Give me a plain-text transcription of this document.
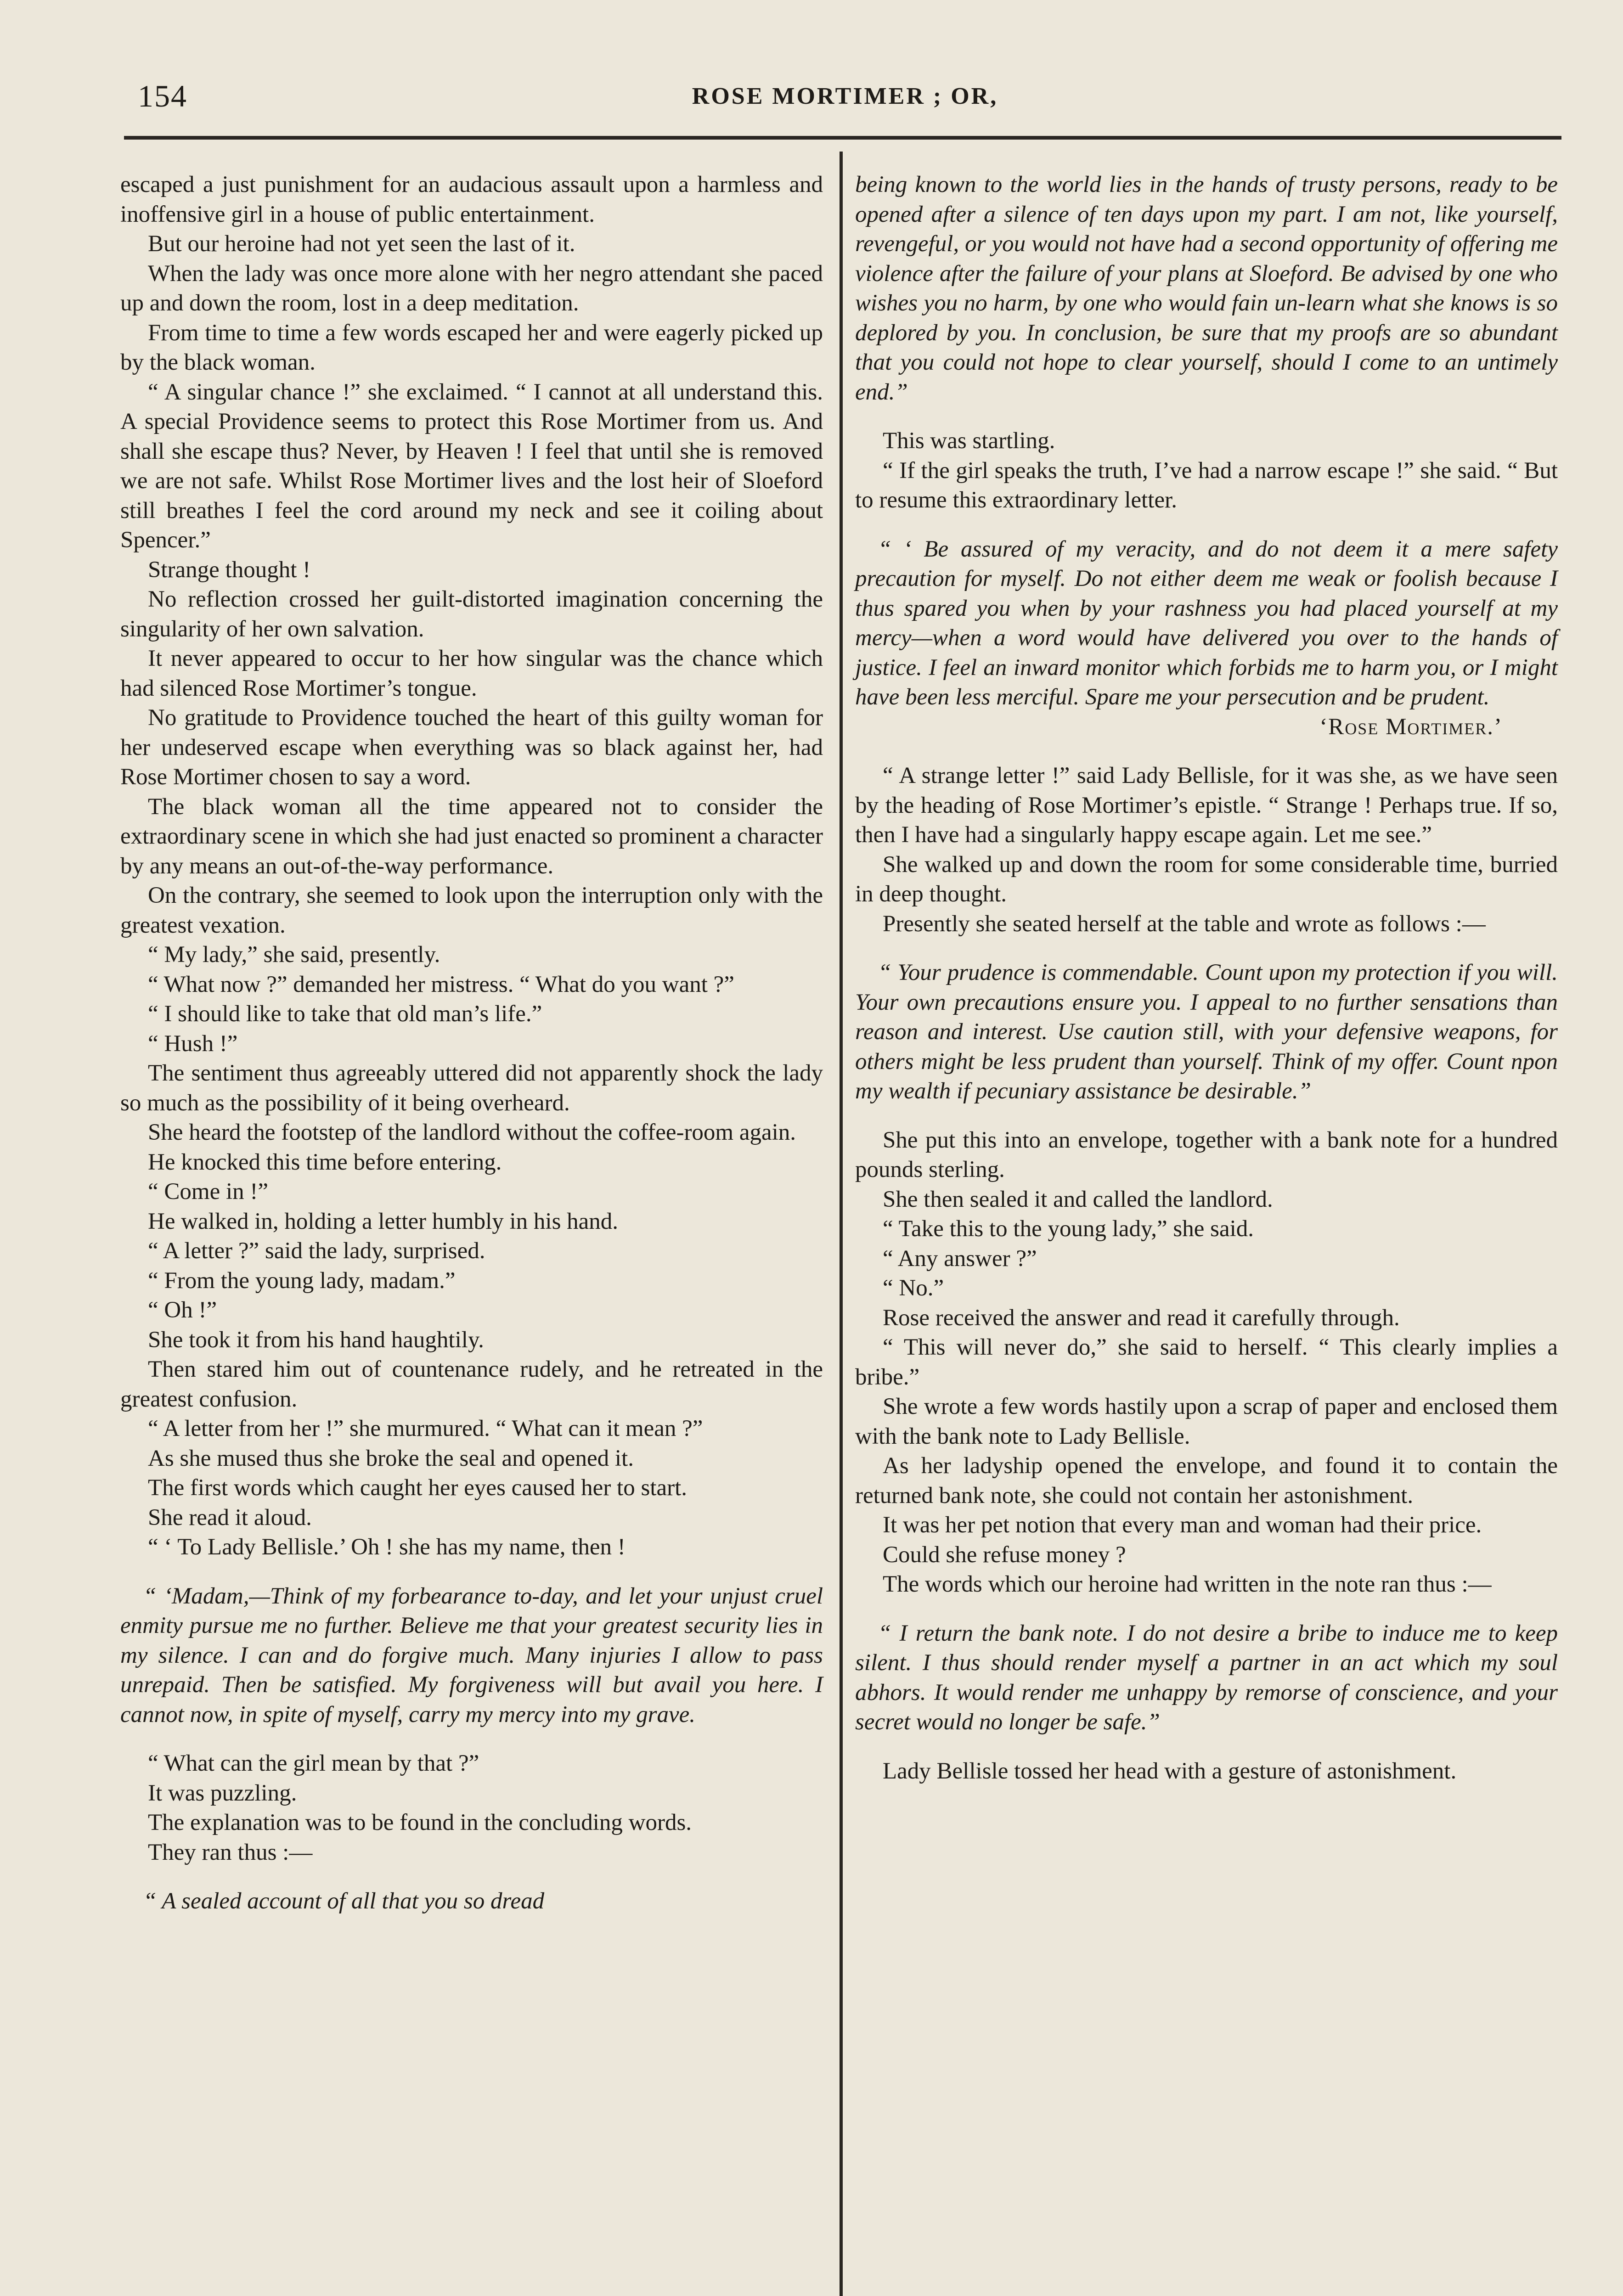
154	ROSE MORTIMER ; OR,

escaped a just punishment for an audacious assault upon a harmless and inoffensive girl in a house of public entertainment.

But our heroine had not yet seen the last of it.

When the lady was once more alone with her negro attendant she paced up and down the room, lost in a deep meditation.

From time to time a few words escaped her and were eagerly picked up by the black woman.

“ A singular chance !” she exclaimed. “ I cannot at all understand this. A special Providence seems to protect this Rose Mortimer from us. And shall she escape thus? Never, by Heaven ! I feel that until she is removed we are not safe. Whilst Rose Mortimer lives and the lost heir of Sloeford still breathes I feel the cord around my neck and see it coiling about Spencer.”

Strange thought !

No reflection crossed her guilt-distorted imagination concerning the singularity of her own salvation.

It never appeared to occur to her how singular was the chance which had silenced Rose Mortimer’s tongue.

No gratitude to Providence touched the heart of this guilty woman for her undeserved escape when everything was so black against her, had Rose Mortimer chosen to say a word.

The black woman all the time appeared not to consider the extraordinary scene in which she had just enacted so prominent a character by any means an out-of-the-way performance.

On the contrary, she seemed to look upon the interruption only with the greatest vexation.

“ My lady,” she said, presently.

“ What now ?” demanded her mistress. “ What do you want ?”

“ I should like to take that old man’s life.”

“ Hush !”

The sentiment thus agreeably uttered did not apparently shock the lady so much as the possibility of it being overheard.

She heard the footstep of the landlord without the coffee-room again.

He knocked this time before entering.

“ Come in !”

He walked in, holding a letter humbly in his hand.

“ A letter ?” said the lady, surprised.

“ From the young lady, madam.”

“ Oh !”

She took it from his hand haughtily.

Then stared him out of countenance rudely, and he retreated in the greatest confusion.

“ A letter from her !” she murmured. “ What can it mean ?”

As she mused thus she broke the seal and opened it.

The first words which caught her eyes caused her to start.

She read it aloud.

“ ‘ To Lady Bellisle.’ Oh ! she has my name, then !

“ ‘Madam,—Think of my forbearance to-day, and let your unjust cruel enmity pursue me no further. Believe me that your greatest security lies in my silence. I can and do forgive much. Many injuries I allow to pass unrepaid. Then be satisfied. My forgiveness will but avail you here. I cannot now, in spite of myself, carry my mercy into my grave.

“ What can the girl mean by that ?”

It was puzzling.

The explanation was to be found in the concluding words.

They ran thus :—

“ A sealed account of all that you so dread

being known to the world lies in the hands of trusty persons, ready to be opened after a silence of ten days upon my part. I am not, like yourself, revengeful, or you would not have had a second opportunity of offering me violence after the failure of your plans at Sloeford. Be advised by one who wishes you no harm, by one who would fain un-learn what she knows is so deplored by you. In conclusion, be sure that my proofs are so abundant that you could not hope to clear yourself, should I come to an untimely end.”

This was startling.

“ If the girl speaks the truth, I’ve had a narrow escape !” she said. “ But to resume this extraordinary letter.

“ ‘ Be assured of my veracity, and do not deem it a mere safety precaution for myself. Do not either deem me weak or foolish because I thus spared you when by your rashness you had placed yourself at my mercy—when a word would have delivered you over to the hands of justice. I feel an inward monitor which forbids me to harm you, or I might have been less merciful. Spare me your persecution and be prudent.

‘Rose Mortimer.’

“ A strange letter !” said Lady Bellisle, for it was she, as we have seen by the heading of Rose Mortimer’s epistle. “ Strange ! Perhaps true. If so, then I have had a singularly happy escape again. Let me see.”

She walked up and down the room for some considerable time, burried in deep thought.

Presently she seated herself at the table and wrote as follows :—

“ Your prudence is commendable. Count upon my protection if you will. Your own precautions ensure you. I appeal to no further sensations than reason and interest. Use caution still, with your defensive weapons, for others might be less prudent than yourself. Think of my offer. Count npon my wealth if pecuniary assistance be desirable.”

She put this into an envelope, together with a bank note for a hundred pounds sterling.

She then sealed it and called the landlord.

“ Take this to the young lady,” she said.

“ Any answer ?”

“ No.”

Rose received the answer and read it carefully through.

“ This will never do,” she said to herself. “ This clearly implies a bribe.”

She wrote a few words hastily upon a scrap of paper and enclosed them with the bank note to Lady Bellisle.

As her ladyship opened the envelope, and found it to contain the returned bank note, she could not contain her astonishment.

It was her pet notion that every man and woman had their price.

Could she refuse money ?

The words which our heroine had written in the note ran thus :—

“ I return the bank note. I do not desire a bribe to induce me to keep silent. I thus should render myself a partner in an act which my soul abhors. It would render me unhappy by remorse of conscience, and your secret would no longer be safe.”

Lady Bellisle tossed her head with a gesture of astonishment.
